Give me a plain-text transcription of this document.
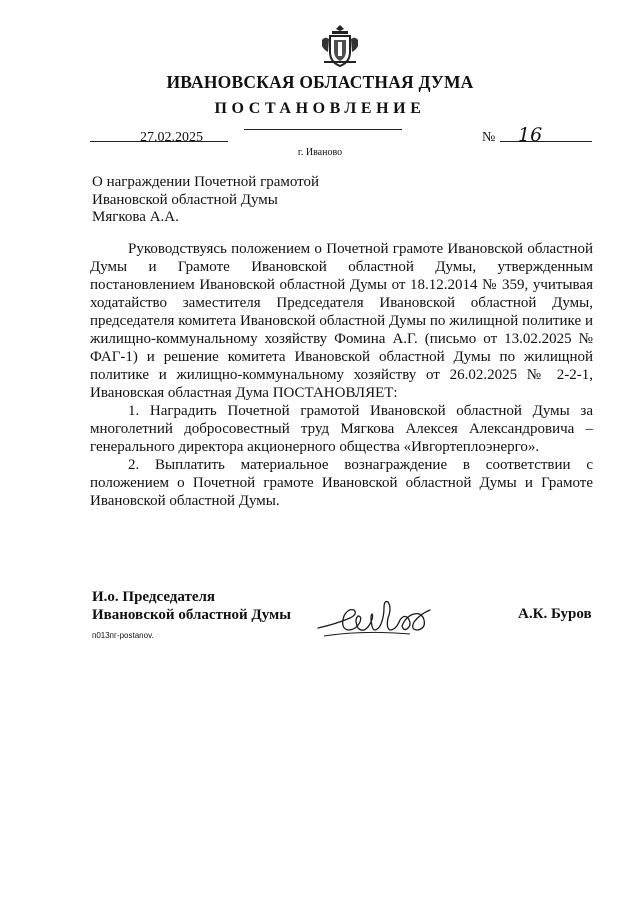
ИВАНОВСКАЯ ОБЛАСТНАЯ ДУМА
ПОСТАНОВЛЕНИЕ
27.02.2025	№ 16
г. Иваново
О награждении Почетной грамотой
Ивановской областной Думы
Мягкова А.А.

Руководствуясь положением о Почетной грамоте Ивановской областной Думы и Грамоте Ивановской областной Думы, утвержденным постановлением Ивановской областной Думы от 18.12.2014 № 359, учитывая ходатайство заместителя Председателя Ивановской областной Думы, председателя комитета Ивановской областной Думы по жилищной политике и жилищно-коммунальному хозяйству Фомина А.Г. (письмо от 13.02.2025 № ФАГ-1) и решение комитета Ивановской областной Думы по жилищной политике и жилищно-коммунальному хозяйству от 26.02.2025 № 2-2-1, Ивановская областная Дума ПОСТАНОВЛЯЕТ:

1. Наградить Почетной грамотой Ивановской областной Думы за многолетний добросовестный труд Мягкова Алексея Александровича – генерального директора акционерного общества «Ивгортеплоэнерго».

2. Выплатить материальное вознаграждение в соответствии с положением о Почетной грамоте Ивановской областной Думы и Грамоте Ивановской областной Думы.

И.о. Председателя
Ивановской областной Думы	А.К. Буров
п013пг-postanov.
